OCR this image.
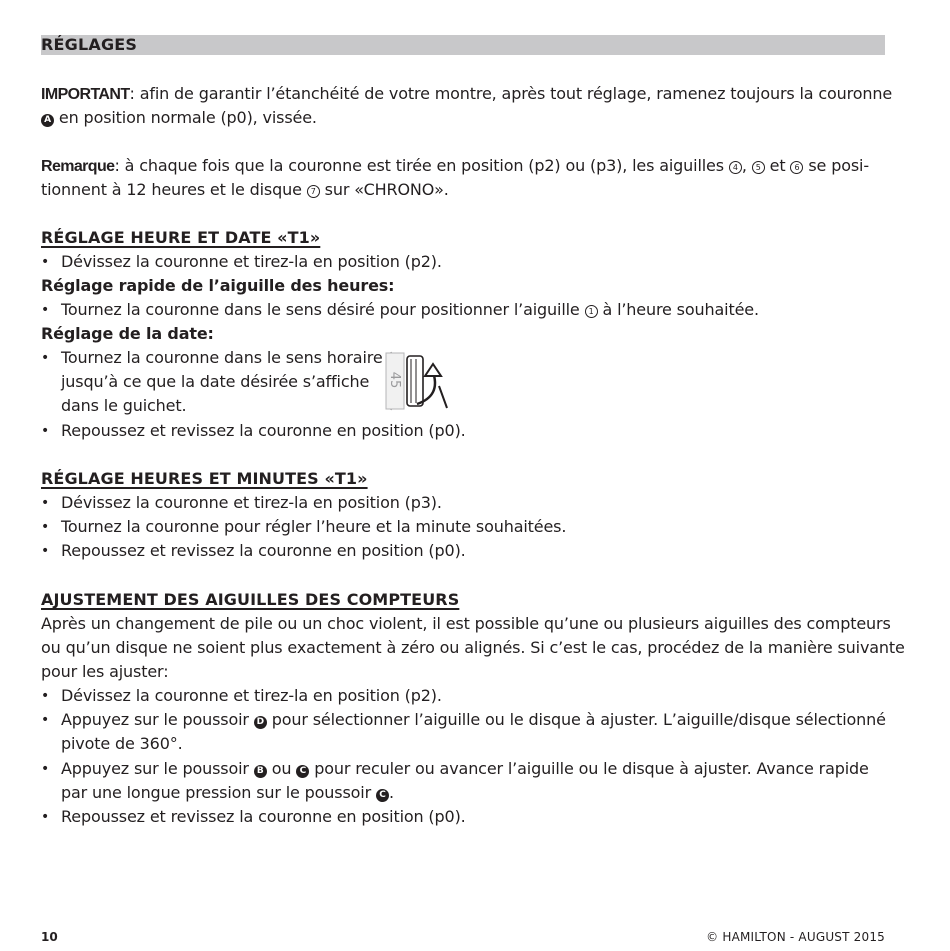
RÉGLAGES
IMPORTANT: afin de garantir l’étanchéité de votre montre, après tout réglage, ramenez toujours la couronne
A en position normale (p0), vissée.
Remarque: à chaque fois que la couronne est tirée en position (p2) ou (p3), les aiguilles 4 , 5 et 6 se posi-
tionnent à 12 heures et le disque 7 sur «CHRONO».
RÉGLAGE HEURE ET DATE «T1»
• Dévissez la couronne et tirez-la en position (p2).
Réglage rapide de l’aiguille des heures:
• Tournez la couronne dans le sens désiré pour positionner l’aiguille 1 à l’heure souhaitée.
Réglage de la date:
• Tournez la couronne dans le sens horaire
jusqu’à ce que la date désirée s’affiche
dans le guichet.
45
• Repoussez et revissez la couronne en position (p0).
RÉGLAGE HEURES ET MINUTES «T1»
• Dévissez la couronne et tirez-la en position (p3).
• Tournez la couronne pour régler l’heure et la minute souhaitées.
• Repoussez et revissez la couronne en position (p0).
AJUSTEMENT DES AIGUILLES DES COMPTEURS
Après un changement de pile ou un choc violent, il est possible qu’une ou plusieurs aiguilles des compteurs
ou qu’un disque ne soient plus exactement à zéro ou alignés. Si c’est le cas, procédez de la manière suivante
pour les ajuster:
• Dévissez la couronne et tirez-la en position (p2).
• Appuyez sur le poussoir D pour sélectionner l’aiguille ou le disque à ajuster. L’aiguille/disque sélectionné
pivote de 360°.
• Appuyez sur le poussoir B ou C pour reculer ou avancer l’aiguille ou le disque à ajuster. Avance rapide
par une longue pression sur le poussoir C .
• Repoussez et revissez la couronne en position (p0).
10	© HAMILTON - AUGUST 2015
